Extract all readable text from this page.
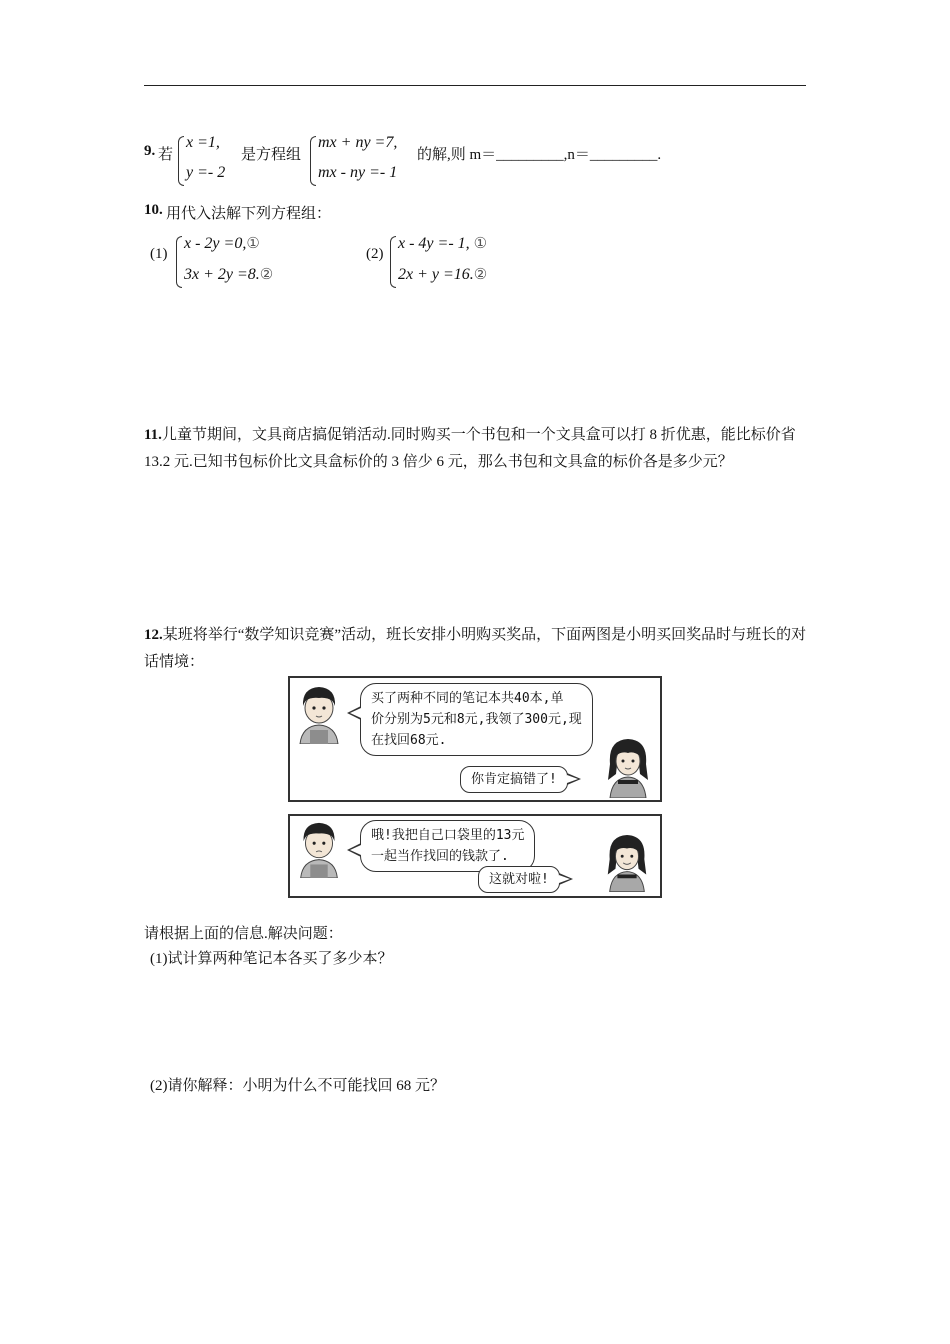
9. 若
x =1,
y =- 2
是方程组
mx + ny =7,
mx - ny =- 1
的解,则 m＝_________,n＝_________.
10. 用代入法解下列方程组：
(1)
x - 2y =0,①
3x + 2y =8.②
(2)
x - 4y =- 1, ①
2x + y =16.②
11.儿童节期间，文具商店搞促销活动.同时购买一个书包和一个文具盒可以打 8 折优惠，能比标价省 13.2 元.已知书包标价比文具盒标价的 3 倍少 6 元，那么书包和文具盒的标价各是多少元？
12.某班将举行“数学知识竞赛”活动，班长安排小明购买奖品，下面两图是小明买回奖品时与班长的对话情境：
买了两种不同的笔记本共40本,单
价分别为5元和8元,我领了300元,现
在找回68元.
你肯定搞错了!
哦!我把自己口袋里的13元
一起当作找回的钱款了.
这就对啦!
请根据上面的信息.解决问题：
(1)试计算两种笔记本各买了多少本？
(2)请你解释：小明为什么不可能找回 68 元？
